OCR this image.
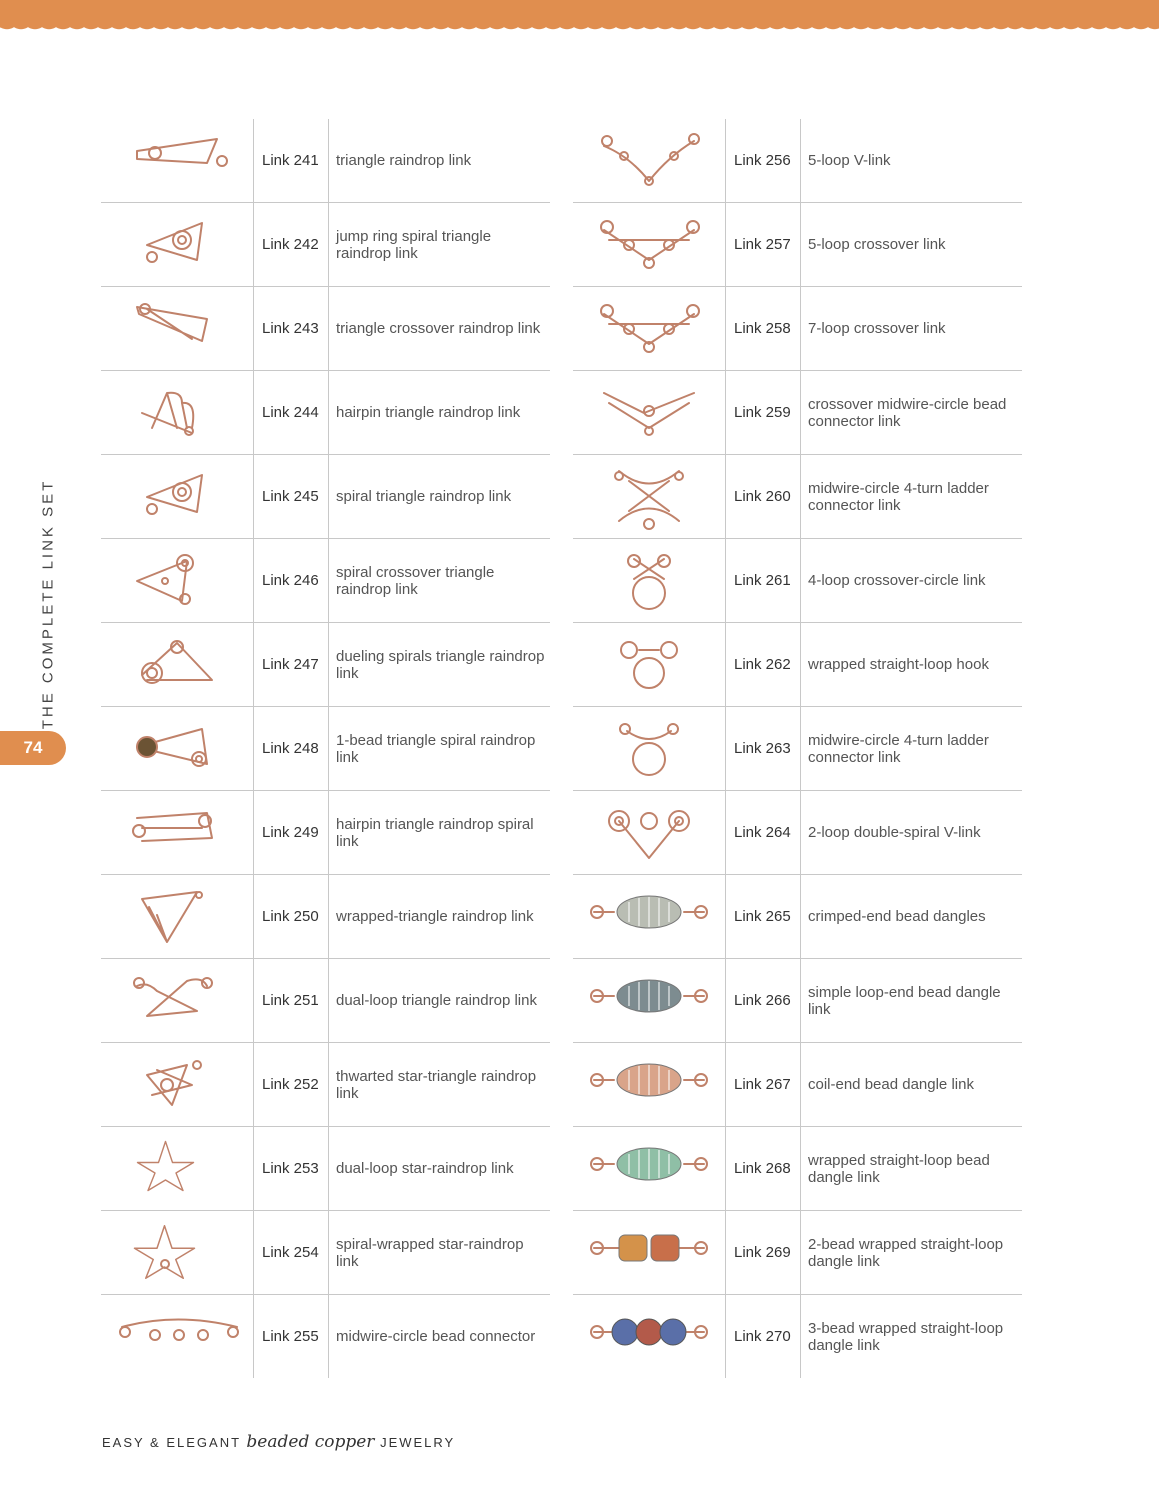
THE COMPLETE LINK SET
74
Link 241	triangle raindrop link
Link 242	jump ring spiral triangle raindrop link
Link 243	triangle crossover raindrop link
Link 244	hairpin triangle raindrop link
Link 245	spiral triangle raindrop link
Link 246	spiral crossover triangle raindrop link
Link 247	dueling spirals triangle raindrop link
Link 248	1-bead triangle spiral raindrop link
Link 249	hairpin triangle raindrop spiral link
Link 250	wrapped-triangle raindrop link
Link 251	dual-loop triangle raindrop link
Link 252	thwarted star-triangle raindrop link
Link 253	dual-loop star-raindrop link
Link 254	spiral-wrapped star-raindrop link
Link 255	midwire-circle bead connector
Link 256	5-loop V-link
Link 257	5-loop crossover link
Link 258	7-loop crossover link
Link 259	crossover midwire-circle bead connector link
Link 260	midwire-circle 4-turn ladder connector link
Link 261	4-loop crossover-circle link
Link 262	wrapped straight-loop hook
Link 263	midwire-circle 4-turn ladder connector link
Link 264	2-loop double-spiral V-link
Link 265	crimped-end bead dangles
Link 266	simple loop-end bead dangle link
Link 267	coil-end bead dangle link
Link 268	wrapped straight-loop bead dangle link
Link 269	2-bead wrapped straight-loop dangle link
Link 270	3-bead wrapped straight-loop dangle link
EASY & ELEGANT beaded copper JEWELRY
